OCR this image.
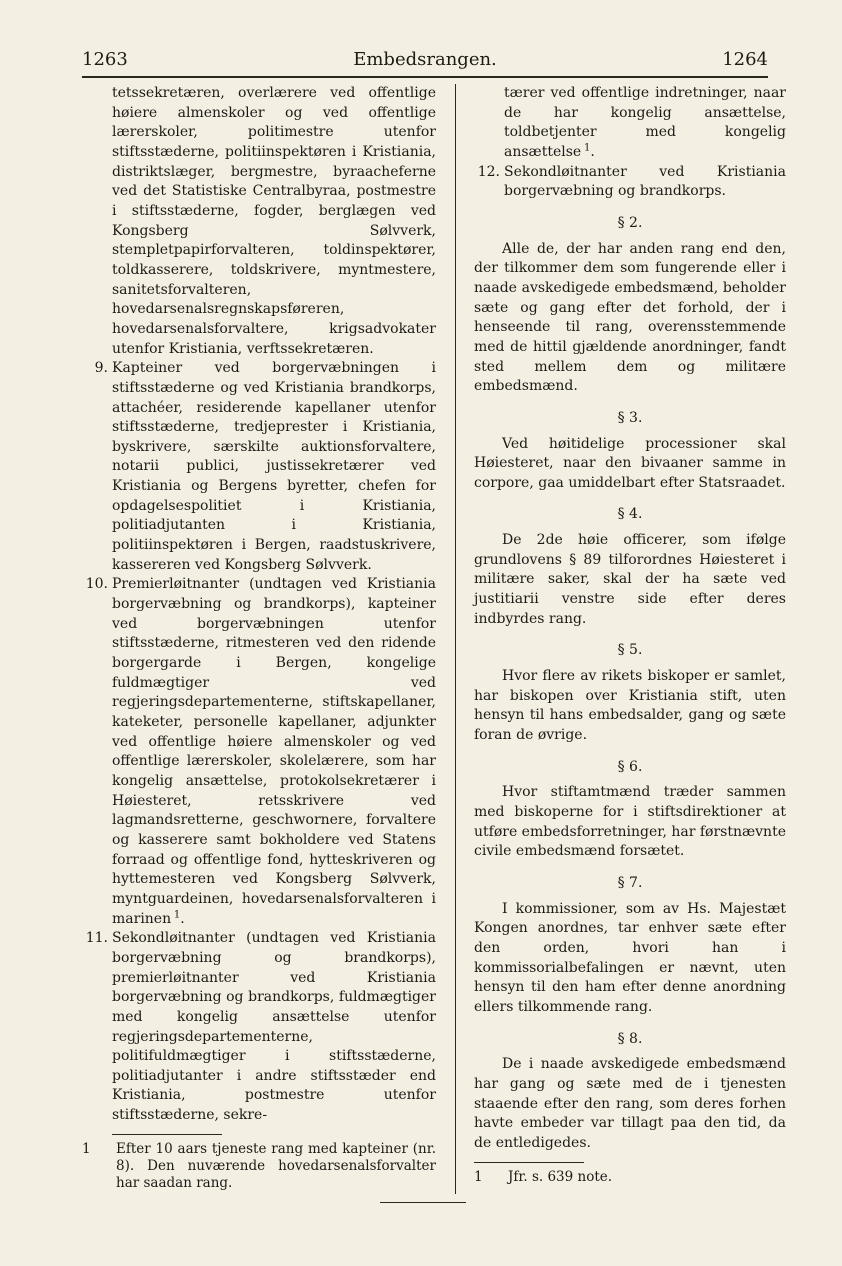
1263	Embedsrangen.	1264

tetssekretæren, overlærere ved offentlige høiere almenskoler og ved offentlige lærerskoler, politimestre utenfor stiftsstæderne, politiinspektøren i Kristiania, distriktslæger, bergmestre, byraacheferne ved det Statistiske Centralbyraa, postmestre i stiftsstæderne, fogder, berglægen ved Kongsberg Sølvverk, stempletpapirforvalteren, toldinspektører, toldkasserere, toldskrivere, myntmestere, sanitetsforvalteren, hovedarsenalsregnskapsføreren, hovedarsenalsforvaltere, krigsadvokater utenfor Kristiania, verftssekretæren.

9. Kapteiner ved borgervæbningen i stiftsstæderne og ved Kristiania brandkorps, attachéer, residerende kapellaner utenfor stiftsstæderne, tredjeprester i Kristiania, byskrivere, særskilte auktionsforvaltere, notarii publici, justissekretærer ved Kristiania og Bergens byretter, chefen for opdagelsespolitiet i Kristiania, politiadjutanten i Kristiania, politiinspektøren i Bergen, raadstuskrivere, kassereren ved Kongsberg Sølvverk.
10. Premierløitnanter (undtagen ved Kristiania borgervæbning og brandkorps), kapteiner ved borgervæbningen utenfor stiftsstæderne, ritmesteren ved den ridende borgergarde i Bergen, kongelige fuldmægtiger ved regjeringsdepartementerne, stiftskapellaner, kateketer, personelle kapellaner, adjunkter ved offentlige høiere almenskoler og ved offentlige lærerskoler, skolelærere, som har kongelig ansættelse, protokolsekretærer i Høiesteret, retsskrivere ved lagmandsretterne, geschwornere, forvaltere og kasserere samt bokholdere ved Statens forraad og offentlige fond, hytteskriveren og hyttemesteren ved Kongsberg Sølvverk, myntguardeinen, hovedarsenalsforvalteren i marinen  $^1$.
11. Sekondløitnanter (undtagen ved Kristiania borgervæbning og brandkorps), premierløitnanter ved Kristiania borgervæbning og brandkorps, fuldmægtiger med kongelig ansættelse utenfor regjeringsdepartementerne, politifuldmægtiger i stiftsstæderne, politiadjutanter i andre stiftsstæder end Kristiania, postmestre utenfor stiftsstæderne, sekre-
1	Efter 10 aars tjeneste rang med kapteiner (nr. 8). Den nuværende hovedarsenalsforvalter har saadan rang.

tærer ved offentlige indretninger, naar de har kongelig ansættelse, toldbetjenter med kongelig ansættelse  $^1$.

12. Sekondløitnanter ved Kristiania borgervæbning og brandkorps.
§ 2.

Alle de, der har anden rang end den, der tilkommer dem som fungerende eller i naade avskedigede embedsmænd, beholder sæte og gang efter det forhold, der i henseende til rang, overensstemmende med de hittil gjældende anordninger, fandt sted mellem dem og militære embedsmænd.

§ 3.

Ved høitidelige processioner skal Høiesteret, naar den bivaaner samme in corpore, gaa umiddelbart efter Statsraadet.

§ 4.

De 2de høie officerer, som ifølge grundlovens § 89 tilforordnes Høiesteret i militære saker, skal der ha sæte ved justitiarii venstre side efter deres indbyrdes rang.

§ 5.

Hvor flere av rikets biskoper er samlet, har biskopen over Kristiania stift, uten hensyn til hans embedsalder, gang og sæte foran de øvrige.

§ 6.

Hvor stiftamtmænd træder sammen med biskoperne for i stiftsdirektioner at utføre embedsforretninger, har førstnævnte civile embedsmænd forsætet.

§ 7.

I kommissioner, som av Hs. Majestæt Kongen anordnes, tar enhver sæte efter den orden, hvori han i kommissorialbefalingen er nævnt, uten hensyn til den ham efter denne anordning ellers tilkommende rang.

§ 8.

De i naade avskedigede embedsmænd har gang og sæte med de i tjenesten staaende efter den rang, som deres forhen havte embeder var tillagt paa den tid, da de entledigedes.

1	Jfr. s. 639 note.
